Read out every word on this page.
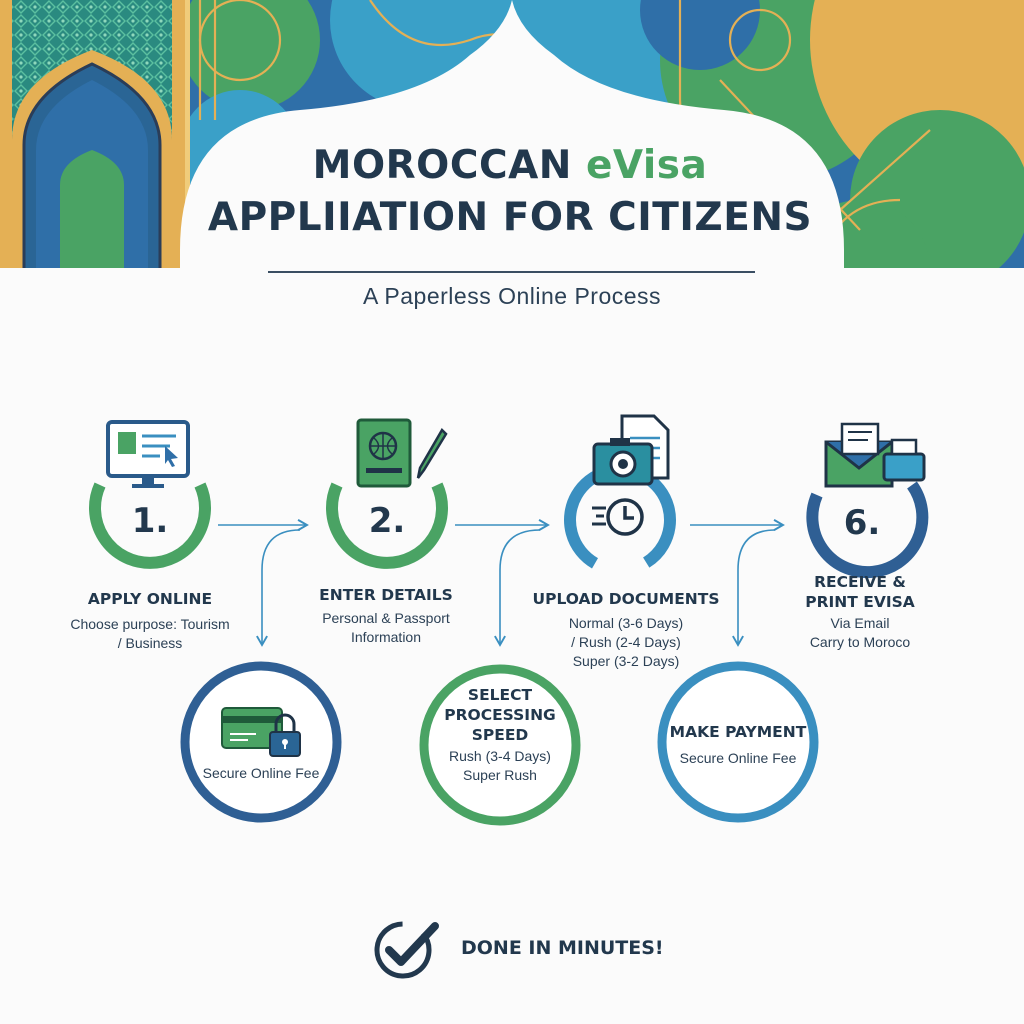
MOROCCAN eVisa
APPLIIATION FOR CITIZENS
A Paperless Online Process
1.	2.	6.
APPLY ONLINE
Choose purpose: Tourism
/ Business
ENTER DETAILS
Personal & Passport
Information
UPLOAD DOCUMENTS
Normal (3-6 Days)
/ Rush (2-4 Days)
Super (3-2 Days)
RECEIVE &
PRINT EVISA
Via Email
Carry to Moroco
Secure Online Fee
SELECT
PROCESSING
SPEED
Rush (3-4 Days)
Super Rush
MAKE PAYMENT
Secure Online Fee
DONE IN MINUTES!
